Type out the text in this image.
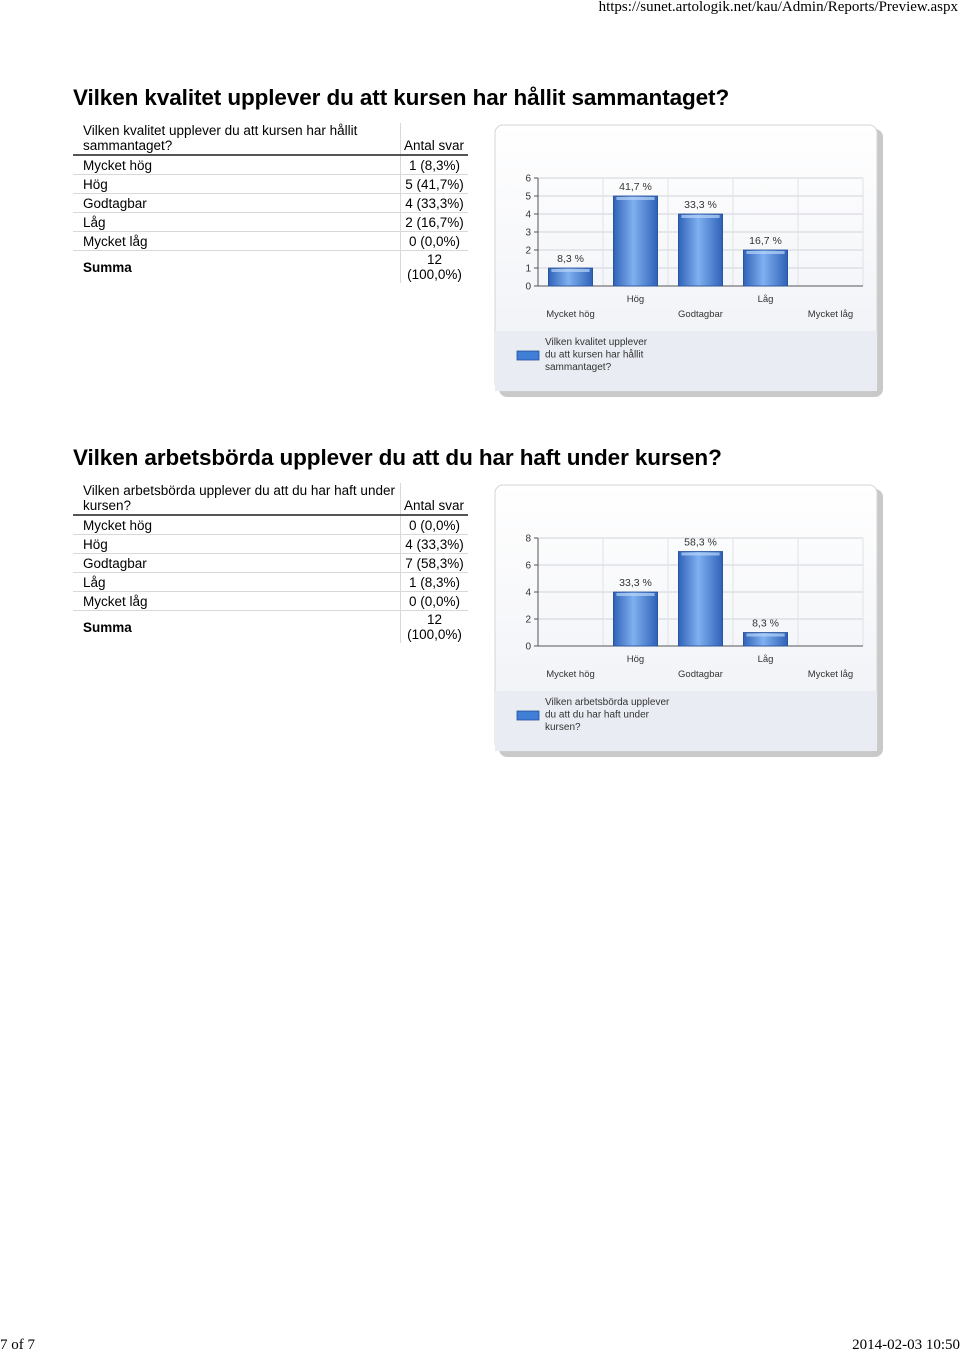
https://sunet.artologik.net/kau/Admin/Reports/Preview.aspx
Vilken kvalitet upplever du att kursen har hållit sammantaget?
Vilken kvalitet upplever du att kursen har hållit sammantaget?	Antal svar
Mycket hög	1 (8,3%)
Hög	5 (41,7%)
Godtagbar	4 (33,3%)
Låg	2 (16,7%)
Mycket låg	0 (0,0%)
Summa	12
(100,0%)
0
1
2
3
4
5
6
8,3 %
Mycket hög
41,7 %
Hög
33,3 %
Godtagbar
16,7 %
Låg
Mycket låg
Vilken kvalitet upplever
du att kursen har hållit
sammantaget?
Vilken arbetsbörda upplever du att du har haft under kursen?
Vilken arbetsbörda upplever du att du har haft under kursen?	Antal svar
Mycket hög	0 (0,0%)
Hög	4 (33,3%)
Godtagbar	7 (58,3%)
Låg	1 (8,3%)
Mycket låg	0 (0,0%)
Summa	12
(100,0%)
0
2
4
6
8
Mycket hög
33,3 %
Hög
58,3 %
Godtagbar
8,3 %
Låg
Mycket låg
Vilken arbetsbörda upplever
du att du har haft under
kursen?
7 of 7	2014-02-03 10:50
